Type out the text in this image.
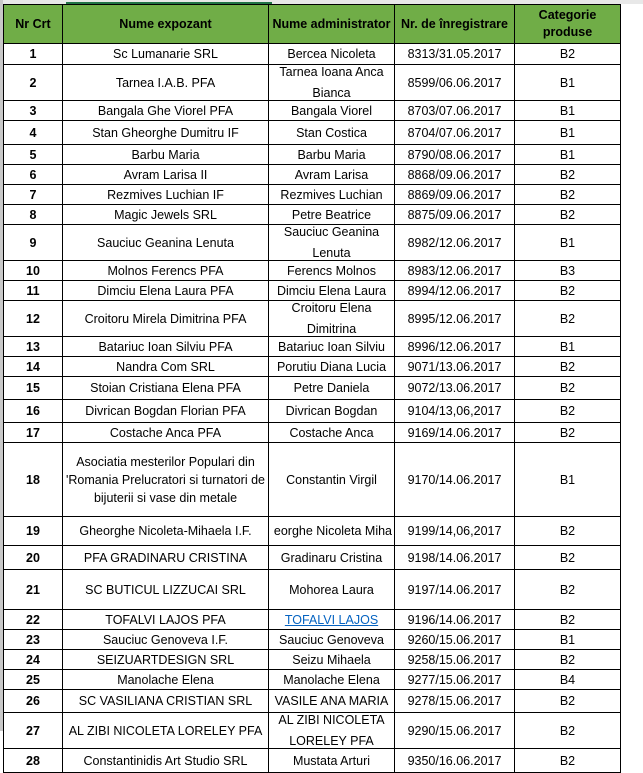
Nr Crt	Nume expozant	Nume administrator	Nr. de înregistrare	Categorie produse
1	Sc Lumanarie SRL	Bercea Nicoleta	8313/31.05.2017	B2
2	Tarnea I.A.B. PFA	Tarnea Ioana Anca Bianca	8599/06.06.2017	B1
3	Bangala Ghe Viorel PFA	Bangala Viorel	8703/07.06.2017	B1
4	Stan Gheorghe Dumitru IF	Stan Costica	8704/07.06.2017	B1
5	Barbu Maria	Barbu Maria	8790/08.06.2017	B1
6	Avram Larisa II	Avram Larisa	8868/09.06.2017	B2
7	Rezmives Luchian IF	Rezmives Luchian	8869/09.06.2017	B2
8	Magic Jewels SRL	Petre Beatrice	8875/09.06.2017	B2
9	Sauciuc Geanina Lenuta	Sauciuc Geanina Lenuta	8982/12.06.2017	B1
10	Molnos Ferencs PFA	Ferencs Molnos	8983/12.06.2017	B3
11	Dimciu Elena Laura PFA	Dimciu Elena Laura	8994/12.06.2017	B2
12	Croitoru Mirela Dimitrina PFA	Croitoru Elena Dimitrina	8995/12.06.2017	B2
13	Batariuc Ioan Silviu PFA	Batariuc Ioan Silviu	8996/12.06.2017	B1
14	Nandra Com SRL	Porutiu Diana Lucia	9071/13.06.2017	B2
15	Stoian Cristiana Elena PFA	Petre Daniela	9072/13.06.2017	B2
16	Divrican Bogdan Florian PFA	Divrican Bogdan	9104/13,06,2017	B2
17	Costache Anca PFA	Costache Anca	9169/14.06.2017	B2
18	Asociatia mesterilor Populari din 'Romania Prelucratori si turnatori de bijuterii si vase din metale	Constantin Virgil	9170/14.06.2017	B1
19	Gheorghe Nicoleta-Mihaela I.F.	eorghe Nicoleta Miha	9199/14,06,2017	B2
20	PFA GRADINARU CRISTINA	Gradinaru Cristina	9198/14.06.2017	B2
21	SC BUTICUL LIZZUCAI SRL	Mohorea Laura	9197/14.06.2017	B2
22	TOFALVI LAJOS PFA	TOFALVI LAJOS	9196/14.06.2017	B2
23	Sauciuc Genoveva I.F.	Sauciuc Genoveva	9260/15.06.2017	B1
24	SEIZUARTDESIGN SRL	Seizu Mihaela	9258/15.06.2017	B2
25	Manolache Elena	Manolache Elena	9277/15.06.2017	B4
26	SC VASILIANA CRISTIAN SRL	VASILE ANA MARIA	9278/15.06.2017	B2
27	AL ZIBI NICOLETA LORELEY PFA	AL ZIBI NICOLETA LORELEY PFA	9290/15.06.2017	B2
28	Constantinidis Art Studio SRL	Mustata Arturi	9350/16.06.2017	B2
